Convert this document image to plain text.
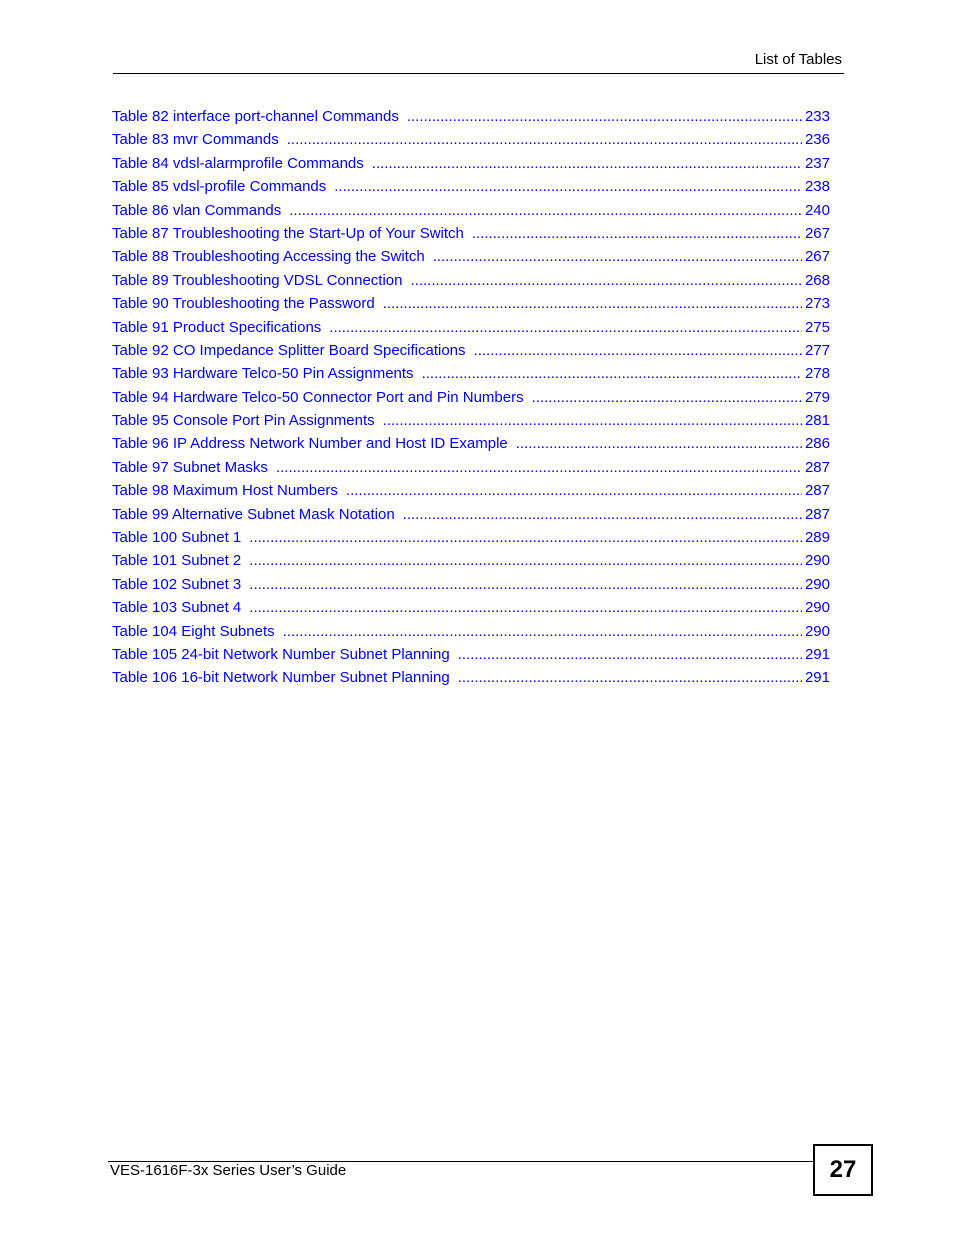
List of Tables
Table 82 interface port-channel Commands .....	233
Table 83 mvr Commands .....	236
Table 84 vdsl-alarmprofile Commands .....	237
Table 85 vdsl-profile Commands .....	238
Table 86 vlan Commands .....	240
Table 87 Troubleshooting the Start-Up of Your Switch .....	267
Table 88 Troubleshooting Accessing the Switch .....	267
Table 89 Troubleshooting VDSL Connection .....	268
Table 90 Troubleshooting the Password .....	273
Table 91 Product Specifications .....	275
Table 92 CO Impedance Splitter Board Specifications .....	277
Table 93 Hardware Telco-50 Pin Assignments .....	278
Table 94 Hardware Telco-50 Connector Port and Pin Numbers .....	279
Table 95 Console Port Pin Assignments .....	281
Table 96 IP Address Network Number and Host ID Example .....	286
Table 97 Subnet Masks .....	287
Table 98 Maximum Host Numbers .....	287
Table 99 Alternative Subnet Mask Notation .....	287
Table 100 Subnet 1 .....	289
Table 101 Subnet 2 .....	290
Table 102 Subnet 3 .....	290
Table 103 Subnet 4 .....	290
Table 104 Eight Subnets .....	290
Table 105 24-bit Network Number Subnet Planning .....	291
Table 106 16-bit Network Number Subnet Planning .....	291
VES-1616F-3x Series User’s Guide	27
